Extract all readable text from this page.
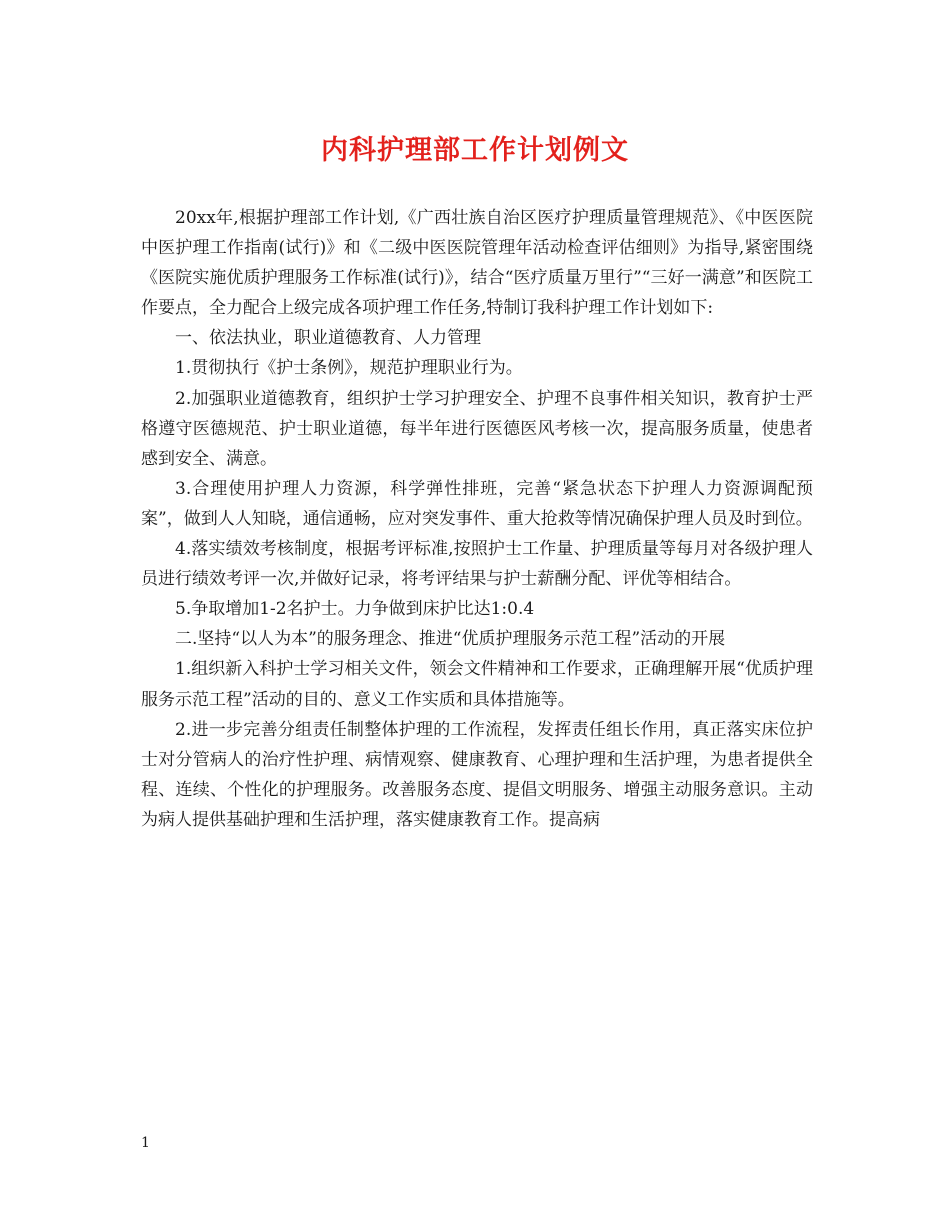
内科护理部工作计划例文

20xx年,根据护理部工作计划,《广西壮族自治区医疗护理质量管理规范》、《中医医院中医护理工作指南(试行)》和《二级中医医院管理年活动检查评估细则》为指导,紧密围绕《医院实施优质护理服务工作标准(试行)》，结合“医疗质量万里行”“三好一满意”和医院工作要点，全力配合上级完成各项护理工作任务,特制订我科护理工作计划如下:

一、依法执业，职业道德教育、人力管理

1.贯彻执行《护士条例》，规范护理职业行为。

2.加强职业道德教育，组织护士学习护理安全、护理不良事件相关知识，教育护士严格遵守医德规范、护士职业道德，每半年进行医德医风考核一次，提高服务质量，使患者感到安全、满意。

3.合理使用护理人力资源，科学弹性排班，完善“紧急状态下护理人力资源调配预案”，做到人人知晓，通信通畅，应对突发事件、重大抢救等情况确保护理人员及时到位。

4.落实绩效考核制度，根据考评标准,按照护士工作量、护理质量等每月对各级护理人员进行绩效考评一次,并做好记录，将考评结果与护士薪酬分配、评优等相结合。

5.争取增加1-2名护士。力争做到床护比达1:0.4

二.坚持“以人为本”的服务理念、推进“优质护理服务示范工程”活动的开展

1.组织新入科护士学习相关文件，领会文件精神和工作要求，正确理解开展“优质护理服务示范工程”活动的目的、意义工作实质和具体措施等。

2.进一步完善分组责任制整体护理的工作流程，发挥责任组长作用，真正落实床位护士对分管病人的治疗性护理、病情观察、健康教育、心理护理和生活护理，为患者提供全程、连续、个性化的护理服务。改善服务态度、提倡文明服务、增强主动服务意识。主动为病人提供基础护理和生活护理，落实健康教育工作。提高病

1
